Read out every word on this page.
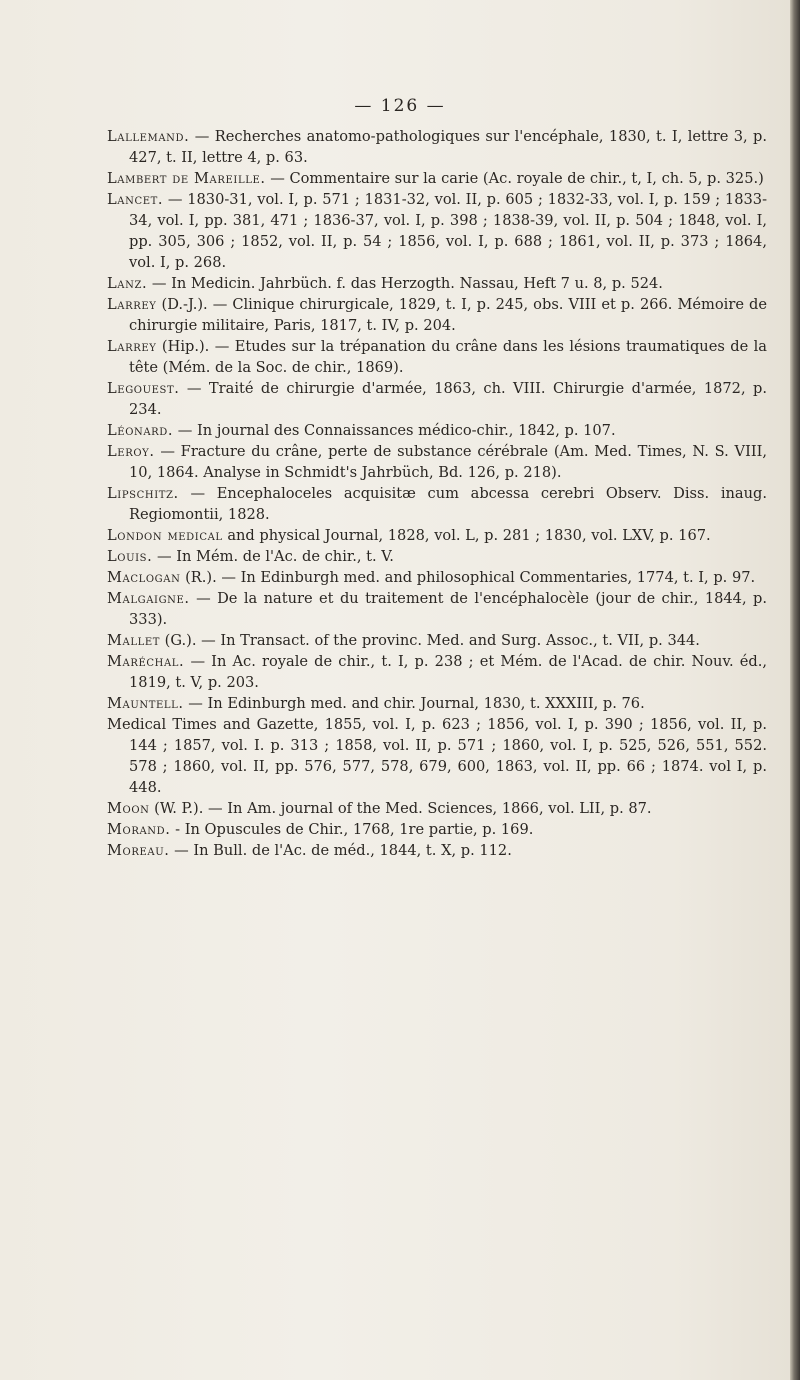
— 126 —

Lallemand. — Recherches anatomo-pathologiques sur l'encéphale, 1830, t. I, lettre 3, p. 427, t. II, lettre 4, p. 63.

Lambert de Mareille. — Commentaire sur la carie (Ac. royale de chir., t, I, ch. 5, p. 325.)

Lancet. — 1830-31, vol. I, p. 571 ; 1831-32, vol. II, p. 605 ; 1832-33, vol. I, p. 159 ; 1833-34, vol. I, pp. 381, 471 ; 1836-37, vol. I, p. 398 ; 1838-39, vol. II, p. 504 ; 1848, vol. I, pp. 305, 306 ; 1852, vol. II, p. 54 ; 1856, vol. I, p. 688 ; 1861, vol. II, p. 373 ; 1864, vol. I, p. 268.

Lanz. — In Medicin. Jahrbüch. f. das Herzogth. Nassau, Heft 7 u. 8, p. 524.

Larrey (D.-J.). — Clinique chirurgicale, 1829, t. I, p. 245, obs. VIII et p. 266. Mémoire de chirurgie militaire, Paris, 1817, t. IV, p. 204.

Larrey (Hip.). — Etudes sur la trépanation du crâne dans les lésions traumatiques de la tête (Mém. de la Soc. de chir., 1869).

Legouest. — Traité de chirurgie d'armée, 1863, ch. VIII. Chirurgie d'armée, 1872, p. 234.

Léonard. — In journal des Connaissances médico-chir., 1842, p. 107.

Leroy. — Fracture du crâne, perte de substance cérébrale (Am. Med. Times, N. S. VIII, 10, 1864. Analyse in Schmidt's Jahrbüch, Bd. 126, p. 218).

Lipschitz. — Encephaloceles acquisitæ cum abcessa cerebri Observ. Diss. inaug. Regiomontii, 1828.

London medical and physical Journal, 1828, vol. L, p. 281 ; 1830, vol. LXV, p. 167.

Louis. — In Mém. de l'Ac. de chir., t. V.

Maclogan (R.). — In Edinburgh med. and philosophical Commentaries, 1774, t. I, p. 97.

Malgaigne. — De la nature et du traitement de l'encéphalocèle (jour de chir., 1844, p. 333).

Mallet (G.). — In Transact. of the provinc. Med. and Surg. Assoc., t. VII, p. 344.

Maréchal. — In Ac. royale de chir., t. I, p. 238 ; et Mém. de l'Acad. de chir. Nouv. éd., 1819, t. V, p. 203.

Mauntell. — In Edinburgh med. and chir. Journal, 1830, t. XXXIII, p. 76.

Medical Times and Gazette, 1855, vol. I, p. 623 ; 1856, vol. I, p. 390 ; 1856, vol. II, p. 144 ; 1857, vol. I. p. 313 ; 1858, vol. II, p. 571 ; 1860, vol. I, p. 525, 526, 551, 552. 578 ; 1860, vol. II, pp. 576, 577, 578, 679, 600, 1863, vol. II, pp. 66 ; 1874. vol I, p. 448.

Moon (W. P.). — In Am. journal of the Med. Sciences, 1866, vol. LII, p. 87.

Morand. - In Opuscules de Chir., 1768, 1re partie, p. 169.

Moreau. — In Bull. de l'Ac. de méd., 1844, t. X, p. 112.
